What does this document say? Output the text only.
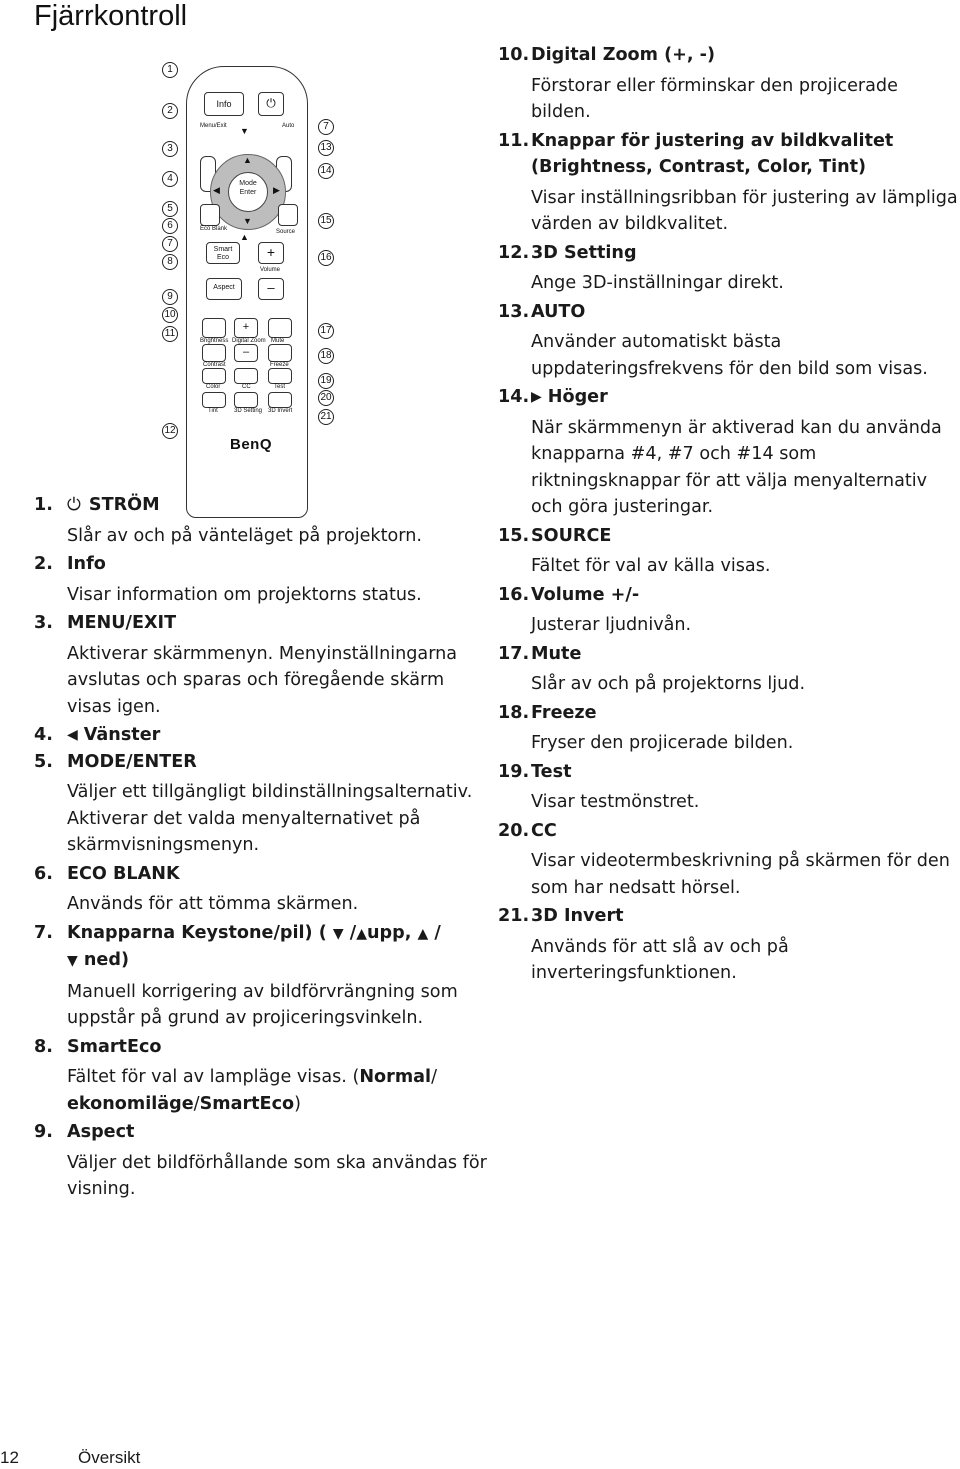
Fjärrkontroll
1
2
3
4
5
6
7
8
9
10
11
12
7
13
14
15
16
17
18
19
20
21
Info	⏻
Menu/Exit	Auto
▼
▲
◀	▶
▼
Mode Enter
▲
Eco Blank	Source
Smart Eco	+
Volume
Aspect	–
+
Brightness Digital Zoom Mute
–
Contrast	Freeze
Color	CC	Test
Tint	3D Setting 3D Invert
BenQ
1. ⏻ STRÖM

Slår av och på vänteläget på projektorn.

2. Info

Visar information om projektorns status.

3. MENU/EXIT

Aktiverar skärmmenyn. Menyinställningarna avslutas och sparas och föregående skärm visas igen.

4.	◀ Vänster
5. MODE/ENTER

Väljer ett tillgängligt bildinställningsalternativ.

Aktiverar det valda menyalternativet på skärmvisningsmenyn.

6. ECO BLANK

Används för att tömma skärmen.

7. Knapparna Keystone/pil) ( ▼ /▲upp, ▲ /
▼ ned)

Manuell korrigering av bildförvrängning som uppstår på grund av projiceringsvinkeln.

8. SmartEco

Fältet för val av lampläge visas. (Normal/ ekonomiläge/SmartEco)

9. Aspect

Väljer det bildförhållande som ska användas för visning.

10. Digital Zoom (+, -)

Förstorar eller förminskar den projicerade bilden.

11. Knappar för justering av bildkvalitet (Brightness, Contrast, Color, Tint)

Visar inställningsribban för justering av lämpliga värden av bildkvalitet.

12. 3D Setting

Ange 3D-inställningar direkt.

13. AUTO

Använder automatiskt bästa uppdateringsfrekvens för den bild som visas.

14. ▶ Höger

När skärmmenyn är aktiverad kan du använda knapparna #4, #7 och #14 som riktningsknappar för att välja menyalternativ och göra justeringar.

15. SOURCE

Fältet för val av källa visas.

16. Volume +/-

Justerar ljudnivån.

17. Mute

Slår av och på projektorns ljud.

18. Freeze

Fryser den projicerade bilden.

19. Test

Visar testmönstret.

20. CC

Visar videotermbeskrivning på skärmen för den som har nedsatt hörsel.

21. 3D Invert

Används för att slå av och på inverteringsfunktionen.

12	Översikt
